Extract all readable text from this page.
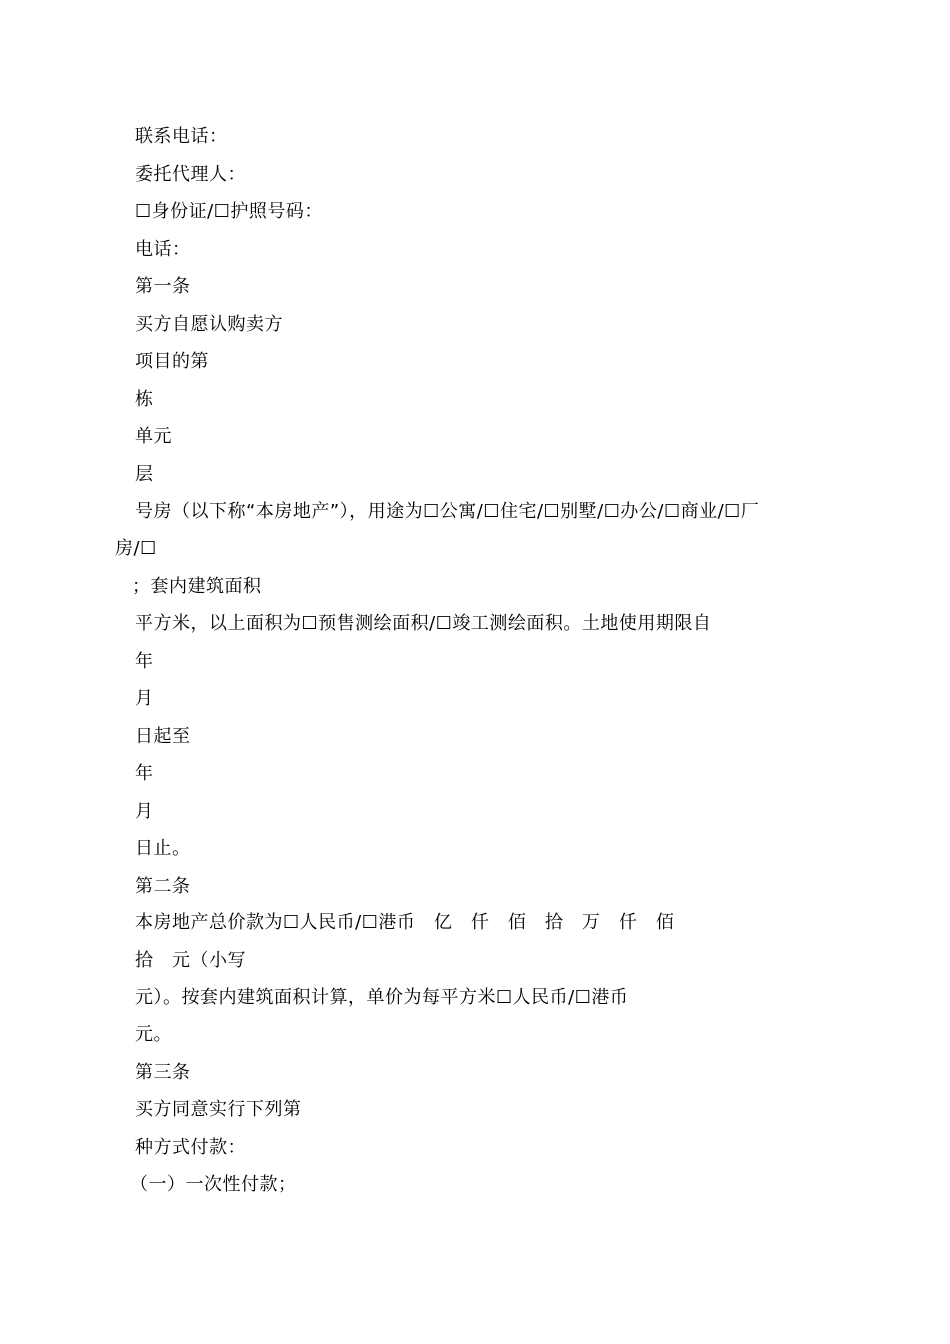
联系电话：
委托代理人：
☐身份证/☐护照号码：
电话：
第一条
买方自愿认购卖方
项目的第
栋
单元
层
号房（以下称“本房地产”），用途为☐公寓/☐住宅/☐别墅/☐办公/☐商业/☐厂
房/☐
；套内建筑面积
平方米，以上面积为☐预售测绘面积/☐竣工测绘面积。土地使用期限自
年
月
日起至
年
月
日止。
第二条
本房地产总价款为☐人民币/☐港币　亿　仟　佰　拾　万　仟　佰
拾　元（小写
元）。按套内建筑面积计算，单价为每平方米☐人民币/☐港币
元。
第三条
买方同意实行下列第
种方式付款：
（一）一次性付款；
